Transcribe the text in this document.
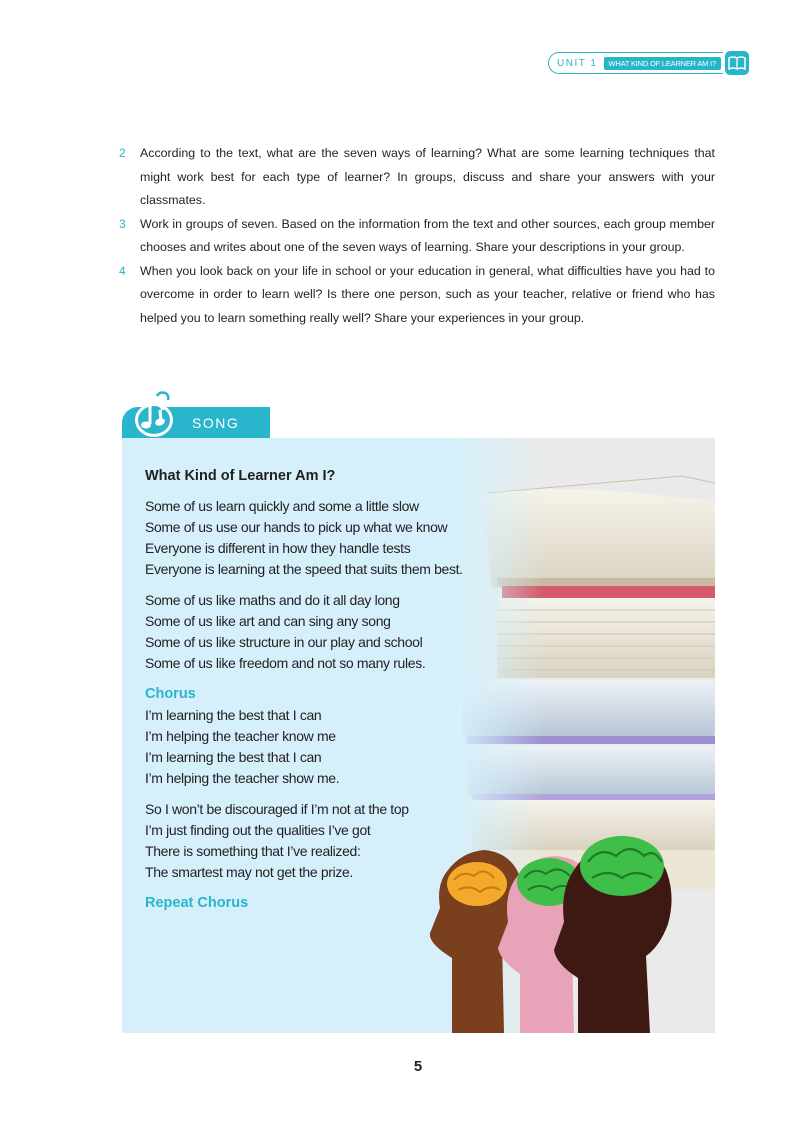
UNIT 1	WHAT KIND OF LEARNER AM I?
2	According to the text, what are the seven ways of learning? What are some learning techniques that might work best for each type of learner? In groups, discuss and share your answers with your classmates.
3	Work in groups of seven. Based on the information from the text and other sources, each group member chooses and writes about one of the seven ways of learning. Share your descriptions in your group.
4	When you look back on your life in school or your education in general, what difficulties have you had to overcome in order to learn well? Is there one person, such as your teacher, relative or friend who has helped you to learn something really well? Share your experiences in your group.
SONG
What Kind of Learner Am I?
Some of us learn quickly and some a little slow
Some of us use our hands to pick up what we know
Everyone is different in how they handle tests
Everyone is learning at the speed that suits them best.
Some of us like maths and do it all day long
Some of us like art and can sing any song
Some of us like structure in our play and school
Some of us like freedom and not so many rules.
Chorus
I’m learning the best that I can
I’m helping the teacher know me
I’m learning the best that I can
I’m helping the teacher show me.
So I won’t be discouraged if I’m not at the top
I’m just finding out the qualities I’ve got
There is something that I’ve realized:
The smartest may not get the prize.
Repeat Chorus
5
